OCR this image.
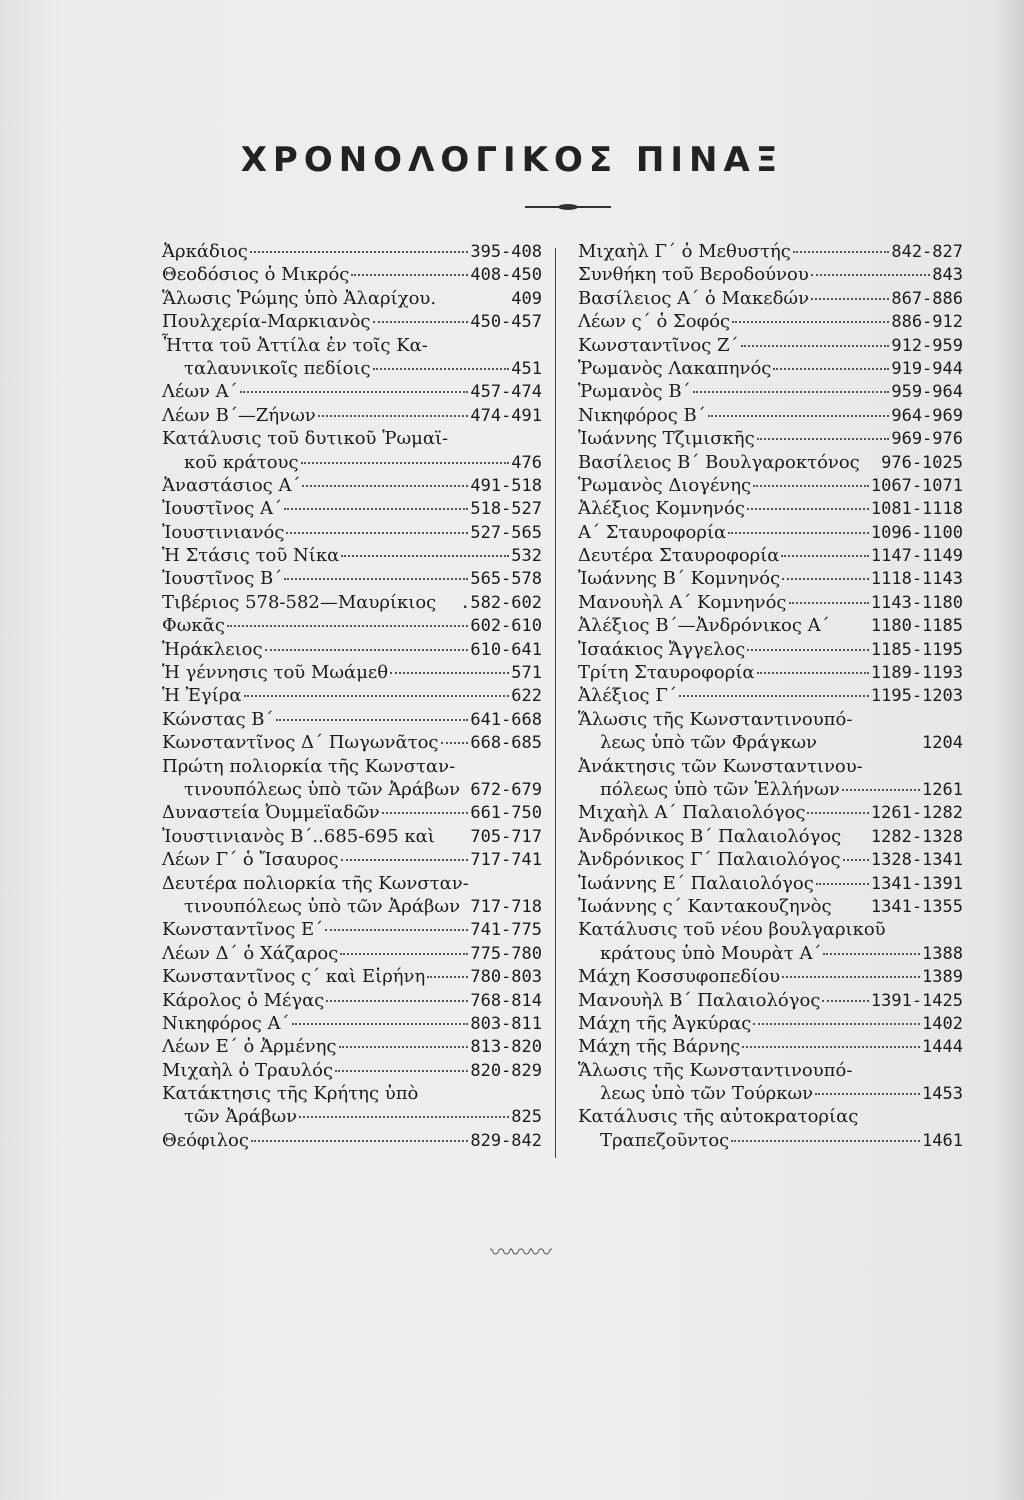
ΧΡΟΝΟΛΟΓΙΚΟΣ ΠΙΝΑΞ
Ἀρκάδιος	395-408
Θεοδόσιος ὁ Μικρός	408-450
Ἅλωσις Ῥώμης ὑπὸ Ἀλαρίχου.	409
Πουλχερία-Μαρκιανὸς	450-457
Ἧττα τοῦ Ἀττίλα ἐν τοῖς Κα-
ταλαυνικοῖς πεδίοις	451
Λέων Α΄	457-474
Λέων Β΄—Ζήνων	474-491
Κατάλυσις τοῦ δυτικοῦ Ῥωμαϊ-
κοῦ κράτους	476
Ἀναστάσιος Α΄	491-518
Ἰουστῖνος Α΄	518-527
Ἰουστινιανός	527-565
Ἡ Στάσις τοῦ Νίκα	532
Ἰουστῖνος Β΄	565-578
Τιβέριος 578-582—Μαυρίκιος .582-602
Φωκᾶς	602-610
Ἡράκλειος	610-641
Ἡ γέννησις τοῦ Μωάμεθ	571
Ἡ Ἐγίρα	622
Κώνστας Β΄	641-668
Κωνσταντῖνος Δ΄ Πωγωνᾶτος 668-685
Πρώτη πολιορκία τῆς Κωνσταν-
τινουπόλεως ὑπὸ τῶν Ἀράβων 672-679
Δυναστεία Ὀυμμεϊαδῶν	661-750
Ἰουστινιανὸς Β΄..685-695 καὶ 705-717
Λέων Γ΄ ὁ Ἴσαυρος	717-741
Δευτέρα πολιορκία τῆς Κωνσταν-
τινουπόλεως ὑπὸ τῶν Ἀράβων 717-718
Κωνσταντῖνος Ε΄	741-775
Λέων Δ΄ ὁ Χάζαρος	775-780
Κωνσταντῖνος ς΄ καὶ Εἰρήνη	780-803
Κάρολος ὁ Μέγας	768-814
Νικηφόρος Α΄	803-811
Λέων Ε΄ ὁ Ἀρμένης	813-820
Μιχαὴλ ὁ Τραυλός	820-829
Κατάκτησις τῆς Κρήτης ὑπὸ
τῶν Ἀράβων	825
Θεόφιλος	829-842
Μιχαὴλ Γ΄ ὁ Μεθυστής	842-827
Συνθήκη τοῦ Βεροδούνου	843
Βασίλειος Α΄ ὁ Μακεδών	867-886
Λέων ς΄ ὁ Σοφός	886-912
Κωνσταντῖνος Ζ΄	912-959
Ῥωμανὸς Λακαπηνός	919-944
Ῥωμανὸς Β΄	959-964
Νικηφόρος Β΄	964-969
Ἰωάννης Τζιμισκῆς	969-976
Βασίλειος Β΄ Βουλγαροκτόνος 976-1025
Ῥωμανὸς Διογένης	1067-1071
Ἀλέξιος Κομνηνός	1081-1118
Α΄ Σταυροφορία	1096-1100
Δευτέρα Σταυροφορία	1147-1149
Ἰωάννης Β΄ Κομνηνός	1118-1143
Μανουὴλ Α΄ Κομνηνός	1143-1180
Ἀλέξιος Β΄—Ἀνδρόνικος Α΄ 1180-1185
Ἰσαάκιος Ἄγγελος	1185-1195
Τρίτη Σταυροφορία	1189-1193
Ἀλέξιος Γ΄	1195-1203
Ἅλωσις τῆς Κωνσταντινουπό-
λεως ὑπὸ τῶν Φράγκων	1204
Ἀνάκτησις τῶν Κωνσταντινου-
πόλεως ὑπὸ τῶν Ἑλλήνων	1261
Μιχαὴλ Α΄ Παλαιολόγος	1261-1282
Ἀνδρόνικος Β΄ Παλαιολόγος 1282-1328
Ἀνδρόνικος Γ΄ Παλαιολόγος 1328-1341
Ἰωάννης Ε΄ Παλαιολόγος	1341-1391
Ἰωάννης ς΄ Καντακουζηνὸς 1341-1355
Κατάλυσις τοῦ νέου βουλγαρικοῦ
κράτους ὑπὸ Μουρὰτ Α΄	1388
Μάχη Κοσσυφοπεδίου	1389
Μανουὴλ Β΄ Παλαιολόγος	1391-1425
Μάχη τῆς Ἀγκύρας	1402
Μάχη τῆς Βάρνης	1444
Ἅλωσις τῆς Κωνσταντινουπό-
λεως ὑπὸ τῶν Τούρκων	1453
Κατάλυσις τῆς αὐτοκρατορίας
Τραπεζοῦντος	1461
〰〰〰
